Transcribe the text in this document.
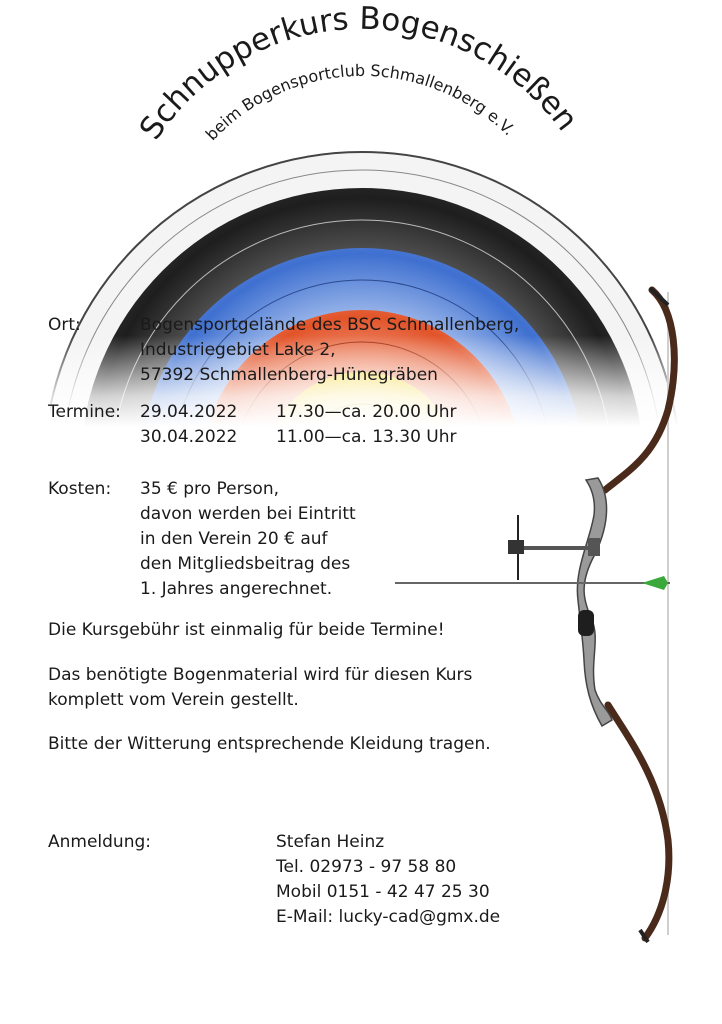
Schnupperkurs Bogenschießen
beim Bogensportclub Schmallenberg e.V.

Ort:	Bogensportgelände des BSC Schmallenberg,
Industriegebiet Lake 2,
57392 Schmallenberg-Hünegräben

Termine: 29.04.2022
30.04.2022
17.30—ca. 20.00 Uhr
11.00—ca. 13.30 Uhr

Kosten: 35 € pro Person,
davon werden bei Eintritt
in den Verein 20 € auf
den Mitgliedsbeitrag des
1. Jahres angerechnet.

Die Kursgebühr ist einmalig für beide Termine!

Das benötigte Bogenmaterial wird für diesen Kurs
komplett vom Verein gestellt.

Bitte der Witterung entsprechende Kleidung tragen.

Anmeldung:	Stefan Heinz
Tel. 02973 - 97 58 80
Mobil 0151 - 42 47 25 30
E-Mail: lucky-cad@gmx.de
